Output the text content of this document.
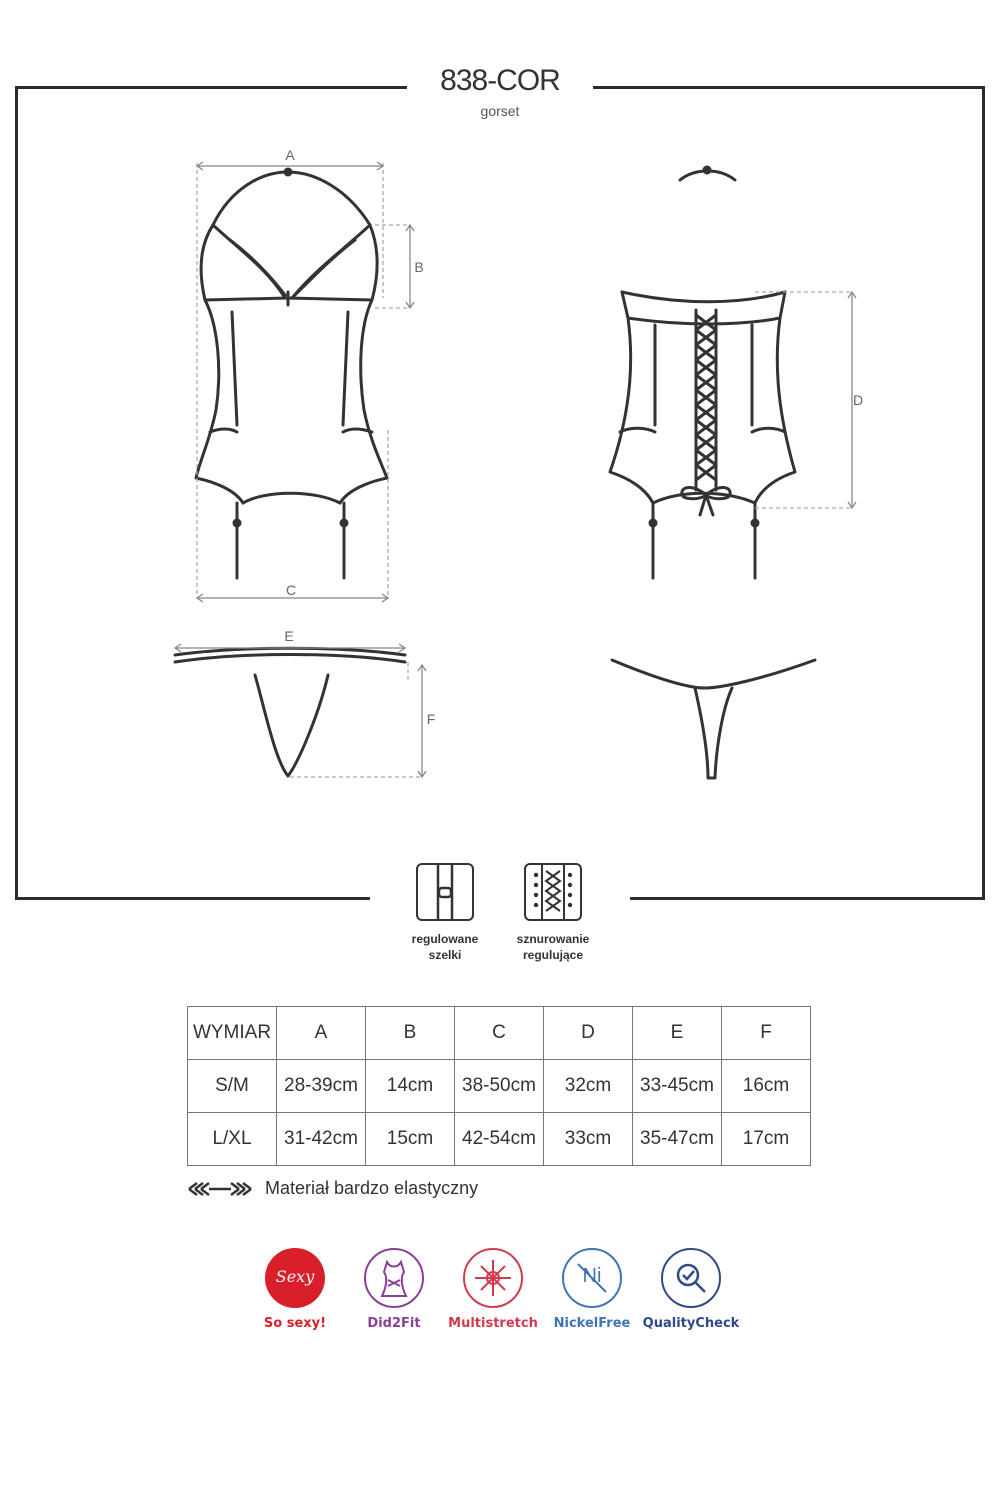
838-COR
gorset
A
B
C
D
E
F
regulowane
szelki
sznurowanie
regulujące
WYMIAR	A	B	C	D	E	F
S/M	28-39cm	14cm	38-50cm	32cm	33-45cm	16cm
L/XL	31-42cm	15cm	42-54cm	33cm	35-47cm	17cm
Materiał bardzo elastyczny
Sexy
So sexy!	Did2Fit	Multistretch
Ni
NickelFree QualityCheck
